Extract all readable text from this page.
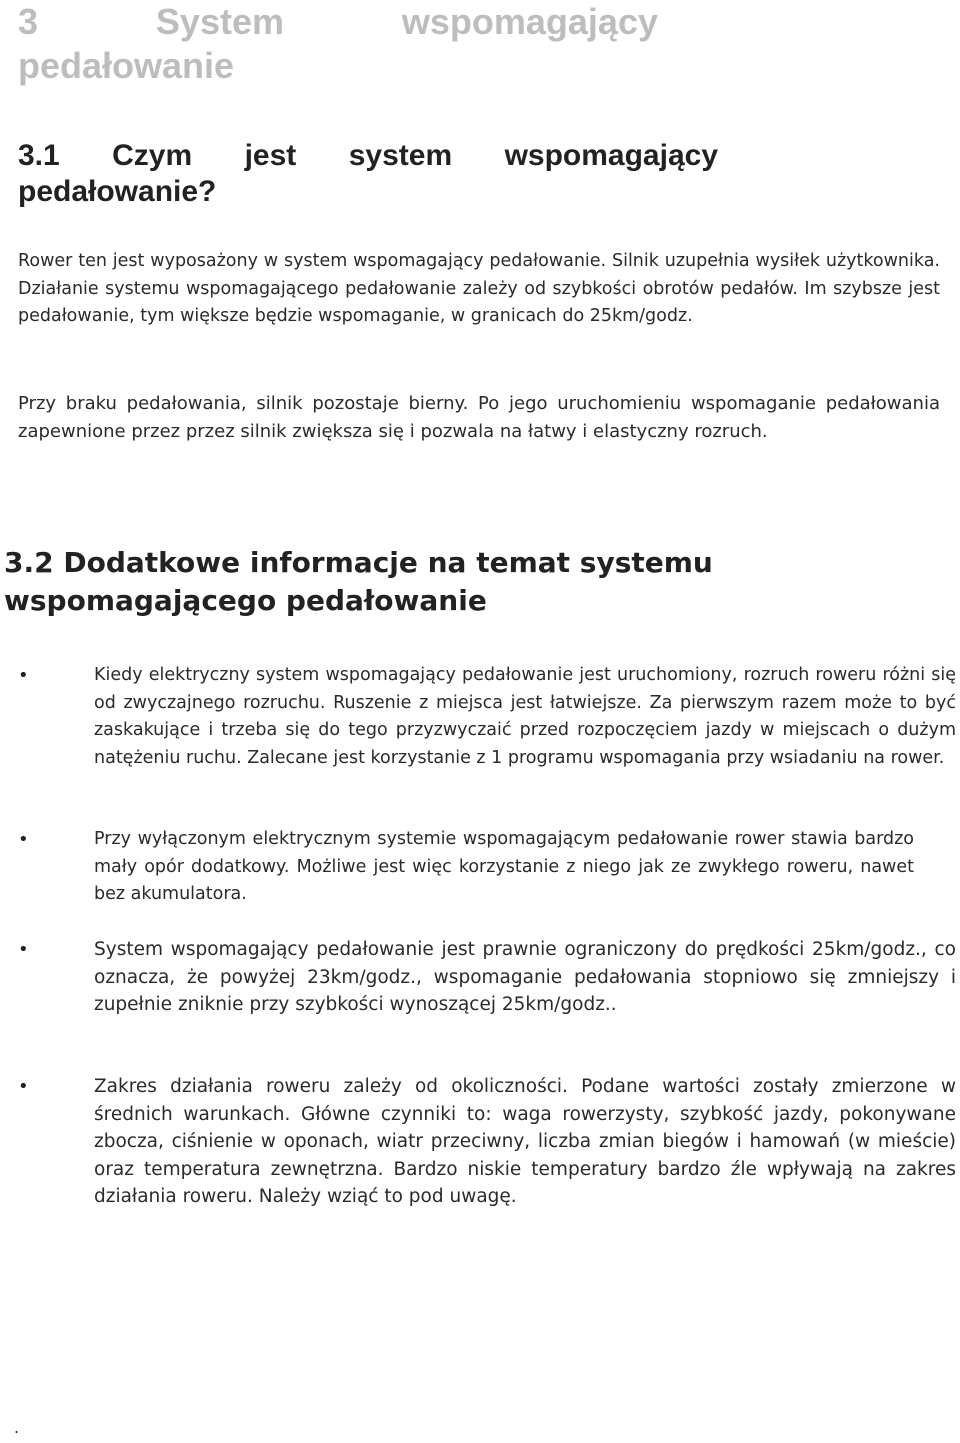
3 System wspomagający pedałowanie
3.1 Czym jest system wspomagający pedałowanie?

Rower ten jest wyposażony w system wspomagający pedałowanie. Silnik uzupełnia wysiłek użytkownika. Działanie systemu wspomagającego pedałowanie zależy od szybkości obrotów pedałów. Im szybsze jest pedałowanie, tym większe będzie wspomaganie, w granicach do 25km/godz.

Przy braku pedałowania, silnik pozostaje bierny. Po jego uruchomieniu wspomaganie pedałowania zapewnione przez przez silnik zwiększa się i pozwala na łatwy i elastyczny rozruch.

3.2 Dodatkowe informacje na temat systemu wspomagającego pedałowanie
•	Kiedy elektryczny system wspomagający pedałowanie jest uruchomiony, rozruch roweru różni się od zwyczajnego rozruchu. Ruszenie z miejsca jest łatwiejsze. Za pierwszym razem może to być zaskakujące i trzeba się do tego przyzwyczaić przed rozpoczęciem jazdy w miejscach o dużym natężeniu ruchu. Zalecane jest korzystanie z 1 programu wspomagania przy wsiadaniu na rower.

•	Przy wyłączonym elektrycznym systemie wspomagającym pedałowanie rower stawia bardzo mały opór dodatkowy. Możliwe jest więc korzystanie z niego jak ze zwykłego roweru, nawet bez akumulatora.

•	System wspomagający pedałowanie jest prawnie ograniczony do prędkości 25km/godz., co oznacza, że powyżej 23km/godz., wspomaganie pedałowania stopniowo się zmniejszy i zupełnie zniknie przy szybkości wynoszącej 25km/godz..

•	Zakres działania roweru zależy od okoliczności. Podane wartości zostały zmierzone w średnich warunkach. Główne czynniki to: waga rowerzysty, szybkość jazdy, pokonywane zbocza, ciśnienie w oponach, wiatr przeciwny, liczba zmian biegów i hamowań (w mieście) oraz temperatura zewnętrzna. Bardzo niskie temperatury bardzo źle wpływają na zakres działania roweru. Należy wziąć to pod uwagę.

.
